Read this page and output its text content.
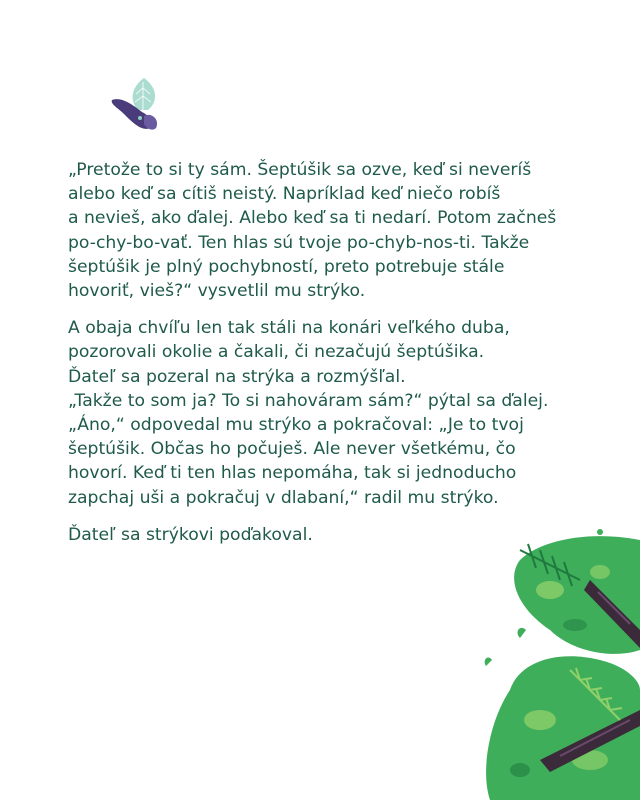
„Pretože to si ty sám. Šeptúšik sa ozve, keď si neveríš
alebo keď sa cítiš neistý. Napríklad keď niečo robíš
a nevieš, ako ďalej. Alebo keď sa ti nedarí. Potom začneš
po-chy-bo-vať. Ten hlas sú tvoje po-chyb-nos-ti. Takže
šeptúšik je plný pochybností, preto potrebuje stále
hovoriť, vieš?“ vysvetlil mu strýko.

A obaja chvíľu len tak stáli na konári veľkého duba,
pozorovali okolie a čakali, či nezačujú šeptúšika.
Ďateľ sa pozeral na strýka a rozmýšľal.
„Takže to som ja? To si nahováram sám?“ pýtal sa ďalej.
„Áno,“ odpovedal mu strýko a pokračoval: „Je to tvoj
šeptúšik. Občas ho počuješ. Ale never všetkému, čo
hovorí. Keď ti ten hlas nepomáha, tak si jednoducho
zapchaj uši a pokračuj v dlabaní,“ radil mu strýko.

Ďateľ sa strýkovi poďakoval.
